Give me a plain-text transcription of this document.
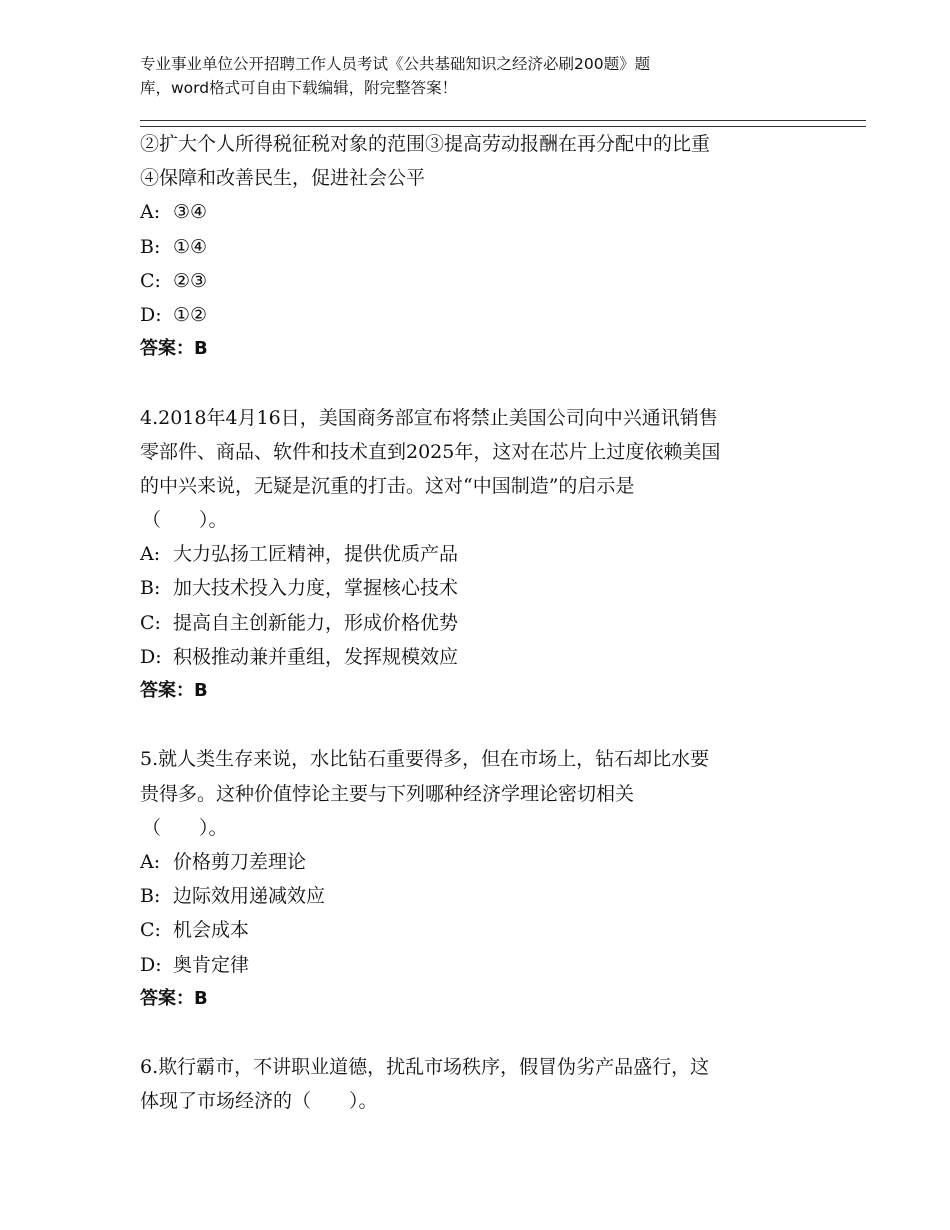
专业事业单位公开招聘工作人员考试《公共基础知识之经济必刷200题》题
库，word格式可自由下载编辑，附完整答案！
②扩大个人所得税征税对象的范围③提高劳动报酬在再分配中的比重
④保障和改善民生，促进社会公平
A: ③④
B: ①④
C: ②③
D: ①②
答案：B
4.2018年4月16日，美国商务部宣布将禁止美国公司向中兴通讯销售
零部件、商品、软件和技术直到2025年，这对在芯片上过度依赖美国
的中兴来说，无疑是沉重的打击。这对“中国制造”的启示是
（　　）。
A: 大力弘扬工匠精神，提供优质产品
B: 加大技术投入力度，掌握核心技术
C: 提高自主创新能力，形成价格优势
D: 积极推动兼并重组，发挥规模效应
答案：B
5.就人类生存来说，水比钻石重要得多，但在市场上，钻石却比水要
贵得多。这种价值悖论主要与下列哪种经济学理论密切相关
（　　）。
A: 价格剪刀差理论
B: 边际效用递减效应
C: 机会成本
D: 奥肯定律
答案：B
6.欺行霸市，不讲职业道德，扰乱市场秩序，假冒伪劣产品盛行，这
体现了市场经济的（　　）。
